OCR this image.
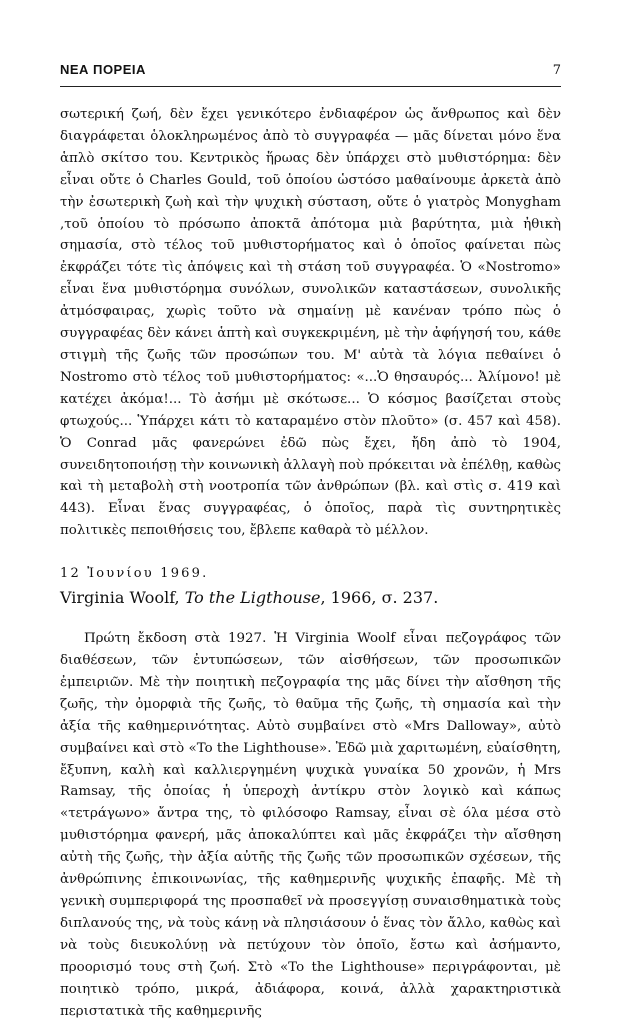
ΝΕΑ ΠΟΡΕΙΑ	7

σωτερική ζωή, δὲν ἔχει γενικότερο ἐνδιαφέρον ὡς ἄνθρωπος καὶ δὲν διαγράφεται ὁλοκληρωμένος ἀπὸ τὸ συγγραφέα — μᾶς δίνεται μόνο ἕνα ἁπλὸ σκίτσο του. Κεντρικὸς ἥρωας δὲν ὑπάρχει στὸ μυθιστόρημα: δὲν εἶναι οὔτε ὁ Charles Gould, τοῦ ὁποίου ὡστόσο μαθαίνουμε ἀρκετὰ ἀπὸ τὴν ἐσωτερικὴ ζωὴ καὶ τὴν ψυχικὴ σύσταση, οὔτε ὁ γιατρὸς Monygham ,τοῦ ὁποίου τὸ πρόσωπο ἀποκτᾶ ἀπότομα μιὰ βαρύτητα, μιὰ ἠθικὴ σημασία, στὸ τέλος τοῦ μυθιστορήματος καὶ ὁ ὁποῖος φαίνεται πὼς ἐκφράζει τότε τὶς ἀπόψεις καὶ τὴ στάση τοῦ συγγραφέα. Ὁ «Nostromo» εἶναι ἕνα μυθιστόρημα συνόλων, συνολικῶν καταστάσεων, συνολικῆς ἀτμόσφαιρας, χωρὶς τοῦτο νὰ σημαίνῃ μὲ κανέναν τρόπο πὼς ὁ συγγραφέας δὲν κάνει ἁπτὴ καὶ συγκεκριμένη, μὲ τὴν ἀφήγησή του, κάθε στιγμὴ τῆς ζωῆς τῶν προσώπων του. Μ' αὐτὰ τὰ λόγια πεθαίνει ὁ Nostromo στὸ τέλος τοῦ μυθιστορήματος: «...Ὁ θησαυρός... Ἀλίμονο! μὲ κατέχει ἀκόμα!... Τὸ ἀσήμι μὲ σκότωσε... Ὁ κόσμος βασίζεται στοὺς φτωχούς... Ὑπάρχει κάτι τὸ καταραμένο στὸν πλοῦτο» (σ. 457 καὶ 458). Ὁ Conrad μᾶς φανερώνει ἐδῶ πὼς ἔχει, ἤδη ἀπὸ τὸ 1904, συνειδητοποιήσῃ τὴν κοινωνικὴ ἀλλαγὴ ποὺ πρόκειται νὰ ἐπέλθῃ, καθὼς καὶ τὴ μεταβολὴ στὴ νοοτροπία τῶν ἀνθρώπων (βλ. καὶ στὶς σ. 419 καὶ 443). Εἶναι ἕνας συγγραφέας, ὁ ὁποῖος, παρὰ τὶς συντηρητικὲς πολιτικὲς πεποιθήσεις του, ἔβλεπε καθαρὰ τὸ μέλλον.

12 Ἰουνίου 1969.
Virginia Woolf, To the Ligthouse, 1966, σ. 237.

Πρώτη ἔκδοση στὰ 1927. Ἡ Virginia Woolf εἶναι πεζογράφος τῶν διαθέσεων, τῶν ἐντυπώσεων, τῶν αἰσθήσεων, τῶν προσωπικῶν ἐμπειριῶν. Μὲ τὴν ποιητικὴ πεζογραφία της μᾶς δίνει τὴν αἴσθηση τῆς ζωῆς, τὴν ὀμορφιὰ τῆς ζωῆς, τὸ θαῦμα τῆς ζωῆς, τὴ σημασία καὶ τὴν ἀξία τῆς καθημερινότητας. Αὐτὸ συμβαίνει στὸ «Mrs Dalloway», αὐτὸ συμβαίνει καὶ στὸ «To the Lighthouse». Ἐδῶ μιὰ χαριτωμένη, εὐαίσθητη, ἔξυπνη, καλὴ καὶ καλλιεργημένη ψυχικὰ γυναίκα 50 χρονῶν, ἡ Mrs Ramsay, τῆς ὁποίας ἡ ὑπεροχὴ ἀντίκρυ στὸν λογικὸ καὶ κάπως «τετράγωνο» ἄντρα της, τὸ φιλόσοφο Ramsay, εἶναι σὲ όλα μέσα στὸ μυθιστόρημα φανερή, μᾶς ἀποκαλύπτει καὶ μᾶς ἐκφράζει τὴν αἴσθηση αὐτὴ τῆς ζωῆς, τὴν ἀξία αὐτῆς τῆς ζωῆς τῶν προσωπικῶν σχέσεων, τῆς ἀνθρώπινης ἐπικοινωνίας, τῆς καθημερινῆς ψυχικῆς ἐπαφῆς. Μὲ τὴ γενικὴ συμπεριφορά της προσπαθεῖ νὰ προσεγγίσῃ συναισθηματικὰ τοὺς διπλανούς της, νὰ τοὺς κάνῃ νὰ πλησιάσουν ὁ ἕνας τὸν ἄλλο, καθὼς καὶ νὰ τοὺς διευκολύνῃ νὰ πετύχουν τὸν ὁποῖο, ἔστω καὶ ἀσήμαντο, προορισμό τους στὴ ζωή. Στὸ «To the Lighthouse» περιγράφονται, μὲ ποιητικὸ τρόπο, μικρά, ἀδιάφορα, κοινά, ἀλλὰ χαρακτηριστικὰ περιστατικὰ τῆς καθημερινῆς
